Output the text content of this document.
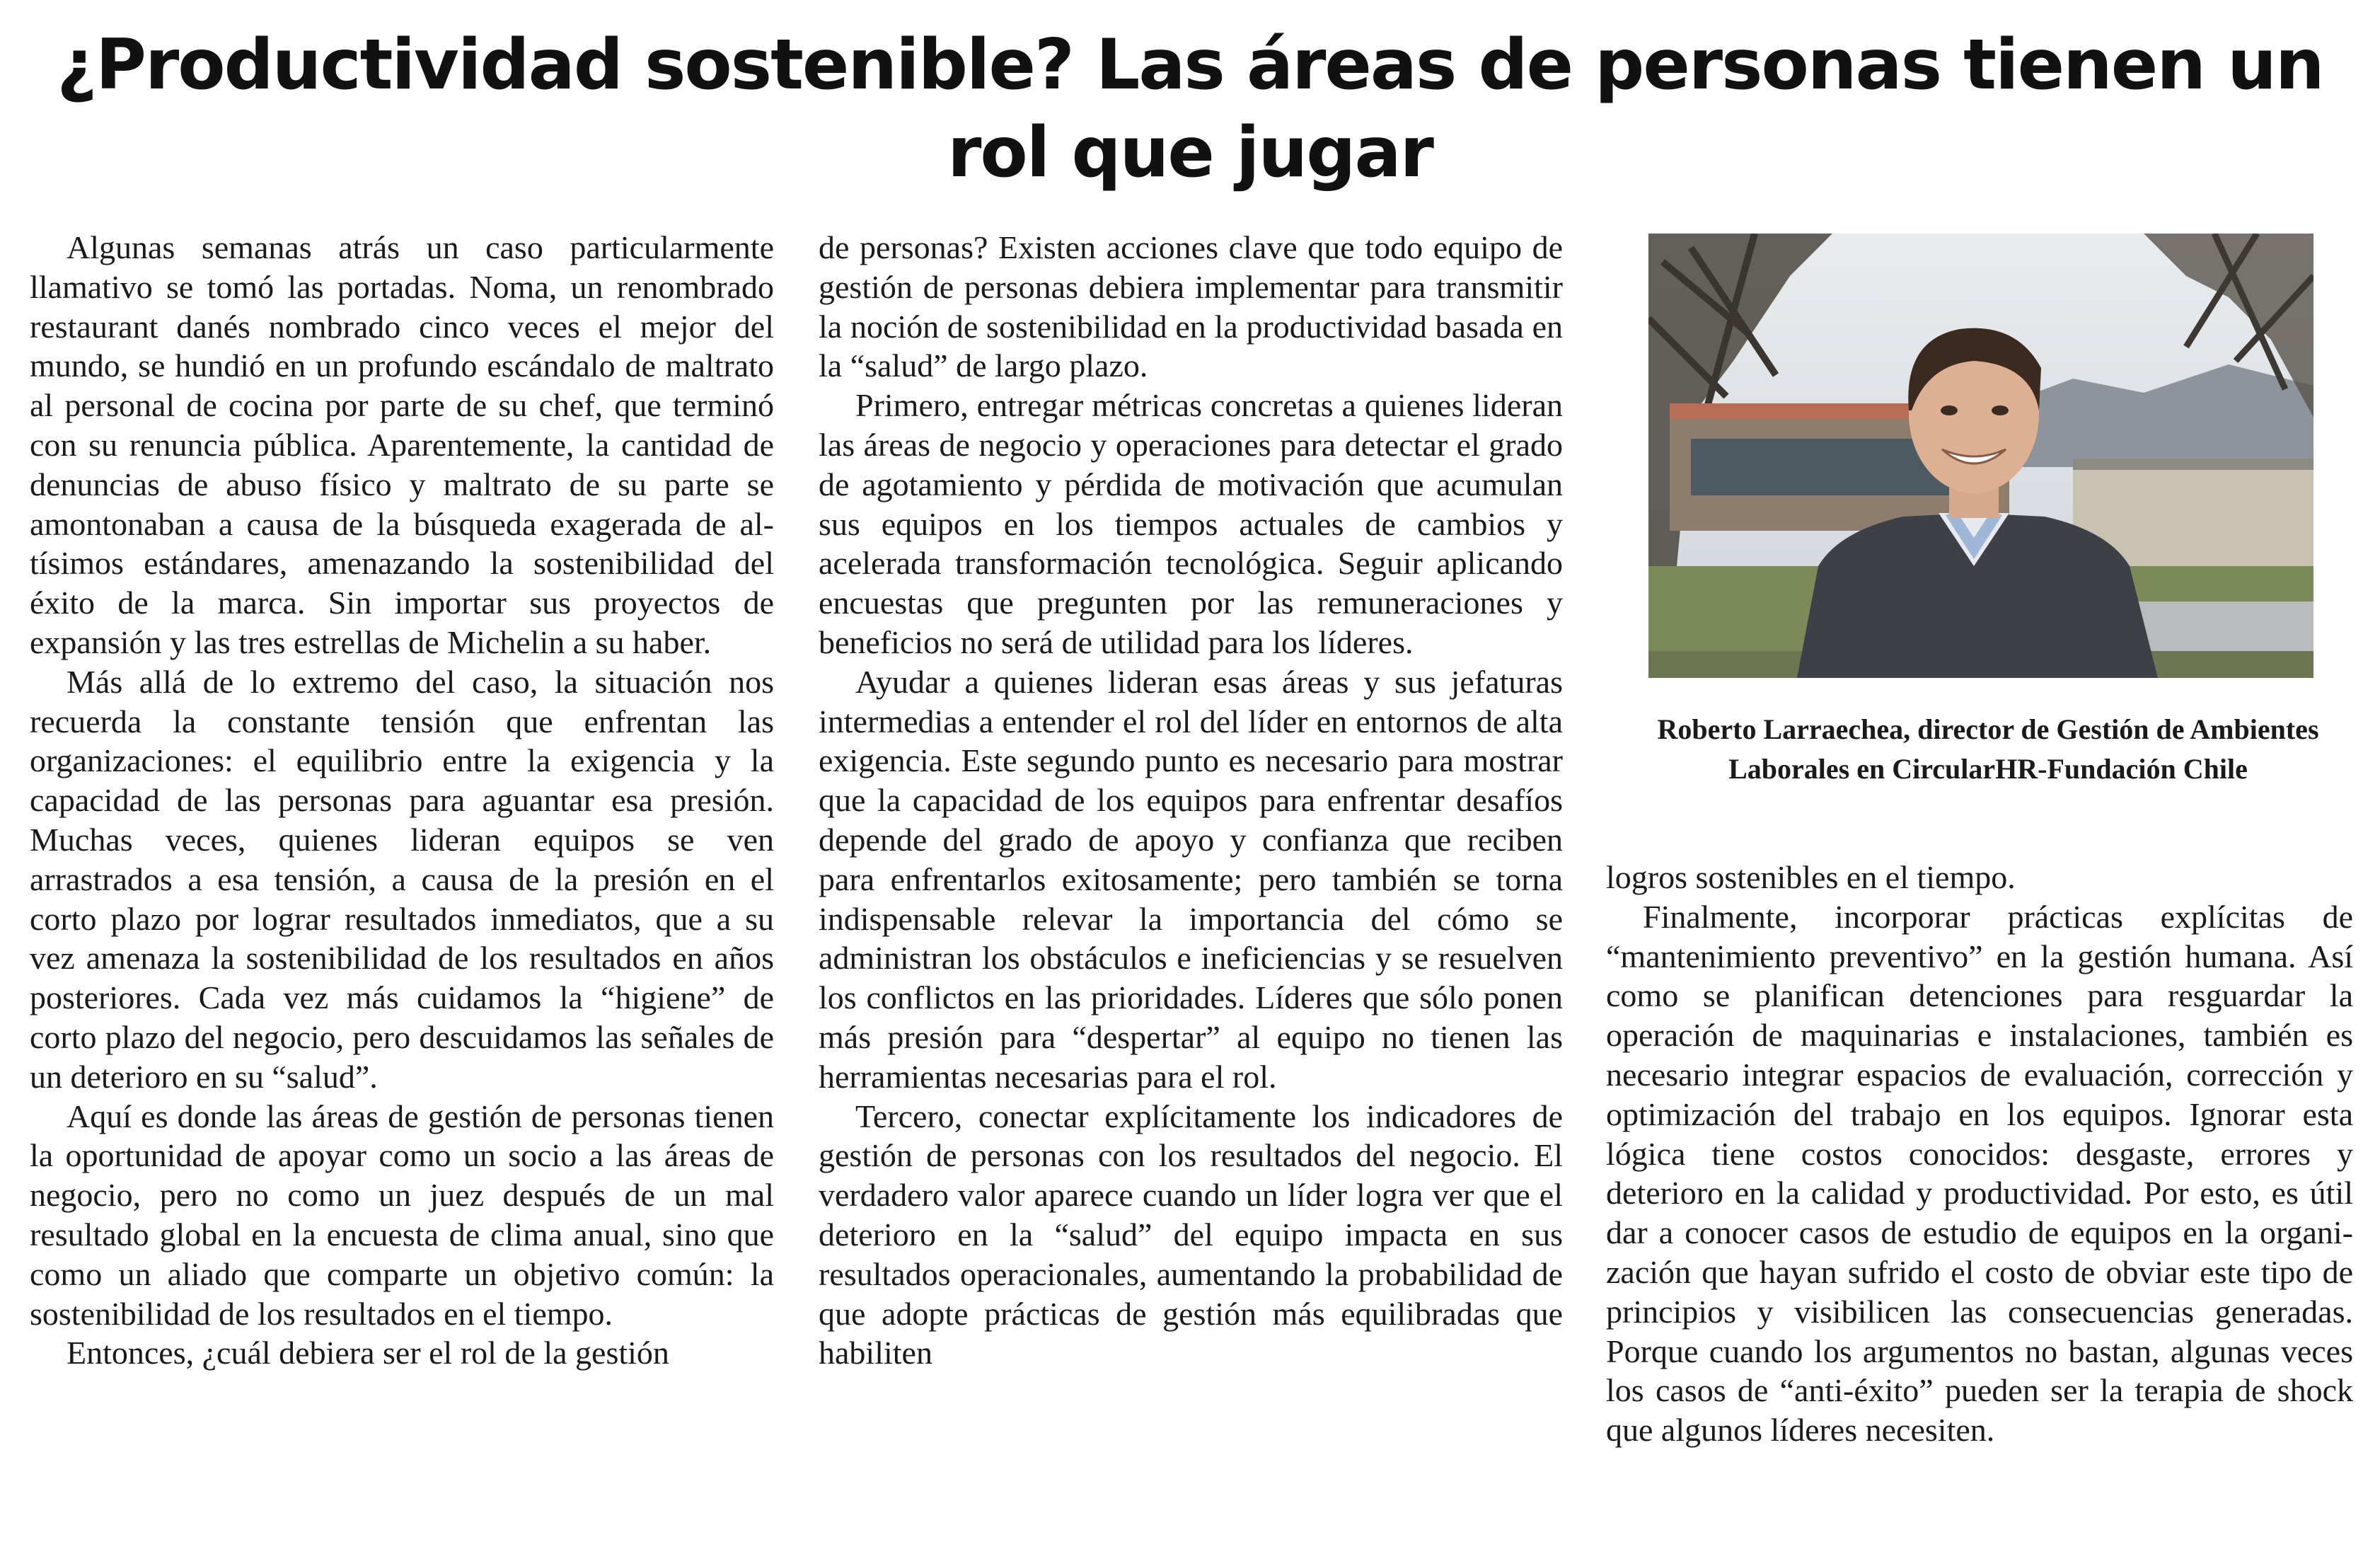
¿Productividad sostenible? Las áreas de personas tienen un rol que jugar

Algunas semanas atrás un caso particularmente llamativo se tomó las portadas. Noma, un renombrado restaurant danés nombrado cinco veces el mejor del mundo, se hundió en un profundo escándalo de maltrato al personal de cocina por parte de su chef, que terminó con su renuncia pública. Aparentemente, la cantidad de denuncias de abuso físico y maltrato de su parte se amontonaban a causa de la búsqueda exagerada de altísimos estándares, amenazando la sostenibilidad del éxito de la marca. Sin importar sus proyectos de expansión y las tres estrellas de Michelin a su haber.

Más allá de lo extremo del caso, la situación nos recuerda la constante tensión que enfrentan las organizaciones: el equilibrio entre la exigencia y la capacidad de las personas para aguantar esa presión. Muchas veces, quienes lideran equipos se ven arrastrados a esa tensión, a causa de la presión en el corto plazo por lograr resultados inmediatos, que a su vez amenaza la sostenibilidad de los resultados en años posteriores. Cada vez más cuidamos la “higiene” de corto plazo del negocio, pero descuidamos las señales de un deterioro en su “salud”.

Aquí es donde las áreas de gestión de personas tienen la oportunidad de apoyar como un socio a las áreas de negocio, pero no como un juez después de un mal resultado global en la encuesta de clima anual, sino que como un aliado que comparte un objetivo común: la sostenibilidad de los resultados en el tiempo.

Entonces, ¿cuál debiera ser el rol de la gestión

de personas? Existen acciones clave que todo equipo de gestión de personas debiera implementar para transmitir la noción de sostenibilidad en la productividad basada en la “salud” de largo plazo.

Primero, entregar métricas concretas a quienes lideran las áreas de negocio y operaciones para detectar el grado de agotamiento y pérdida de motivación que acumulan sus equipos en los tiempos actuales de cambios y acelerada transformación tecnológica. Seguir aplicando encuestas que pregunten por las remuneraciones y beneficios no será de utilidad para los líderes.

Ayudar a quienes lideran esas áreas y sus jefaturas intermedias a entender el rol del líder en entornos de alta exigencia. Este segundo punto es necesario para mostrar que la capacidad de los equipos para enfrentar desafíos depende del grado de apoyo y confianza que reciben para enfrentarlos exitosamente; pero también se torna indispensable relevar la importancia del cómo se administran los obstáculos e ineficiencias y se resuelven los conflictos en las prioridades. Líderes que sólo ponen más presión para “despertar” al equipo no tienen las herramientas necesarias para el rol.

Tercero, conectar explícitamente los indicadores de gestión de personas con los resultados del negocio. El verdadero valor aparece cuando un líder logra ver que el deterioro en la “salud” del equipo impacta en sus resultados operacionales, aumentando la probabilidad de que adopte prácticas de gestión más equilibradas que habiliten

Roberto Larraechea, director de Gestión de Ambientes Laborales en CircularHR-Fundación Chile

logros sostenibles en el tiempo.

Finalmente, incorporar prácticas explícitas de “mantenimiento preventivo” en la gestión humana. Así como se planifican detenciones para resguardar la operación de maquinarias e instalaciones, también es necesario integrar espacios de evaluación, corrección y optimización del trabajo en los equipos. Ignorar esta lógica tiene costos conocidos: desgaste, errores y deterioro en la calidad y productividad. Por esto, es útil dar a conocer casos de estudio de equipos en la organización que hayan sufrido el costo de obviar este tipo de principios y visibilicen las consecuencias generadas. Porque cuando los argumentos no bastan, algunas veces los casos de “anti-éxito” pueden ser la terapia de shock que algunos líderes necesiten.
